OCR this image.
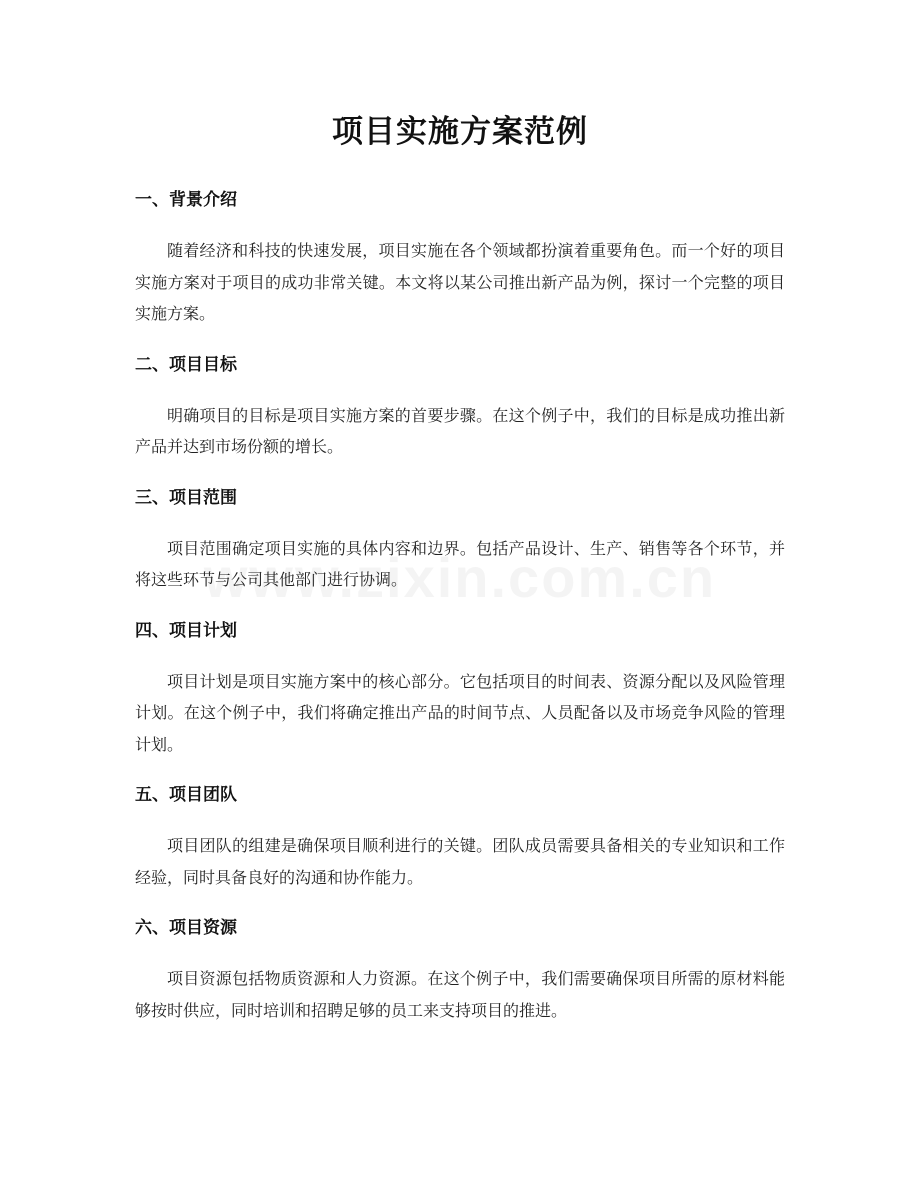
项目实施方案范例
一、背景介绍

随着经济和科技的快速发展，项目实施在各个领域都扮演着重要角色。而一个好的项目实施方案对于项目的成功非常关键。本文将以某公司推出新产品为例，探讨一个完整的项目实施方案。

二、项目目标

明确项目的目标是项目实施方案的首要步骤。在这个例子中，我们的目标是成功推出新产品并达到市场份额的增长。

三、项目范围

项目范围确定项目实施的具体内容和边界。包括产品设计、生产、销售等各个环节，并将这些环节与公司其他部门进行协调。

四、项目计划

项目计划是项目实施方案中的核心部分。它包括项目的时间表、资源分配以及风险管理计划。在这个例子中，我们将确定推出产品的时间节点、人员配备以及市场竞争风险的管理计划。

五、项目团队

项目团队的组建是确保项目顺利进行的关键。团队成员需要具备相关的专业知识和工作经验，同时具备良好的沟通和协作能力。

六、项目资源

项目资源包括物质资源和人力资源。在这个例子中，我们需要确保项目所需的原材料能够按时供应，同时培训和招聘足够的员工来支持项目的推进。
